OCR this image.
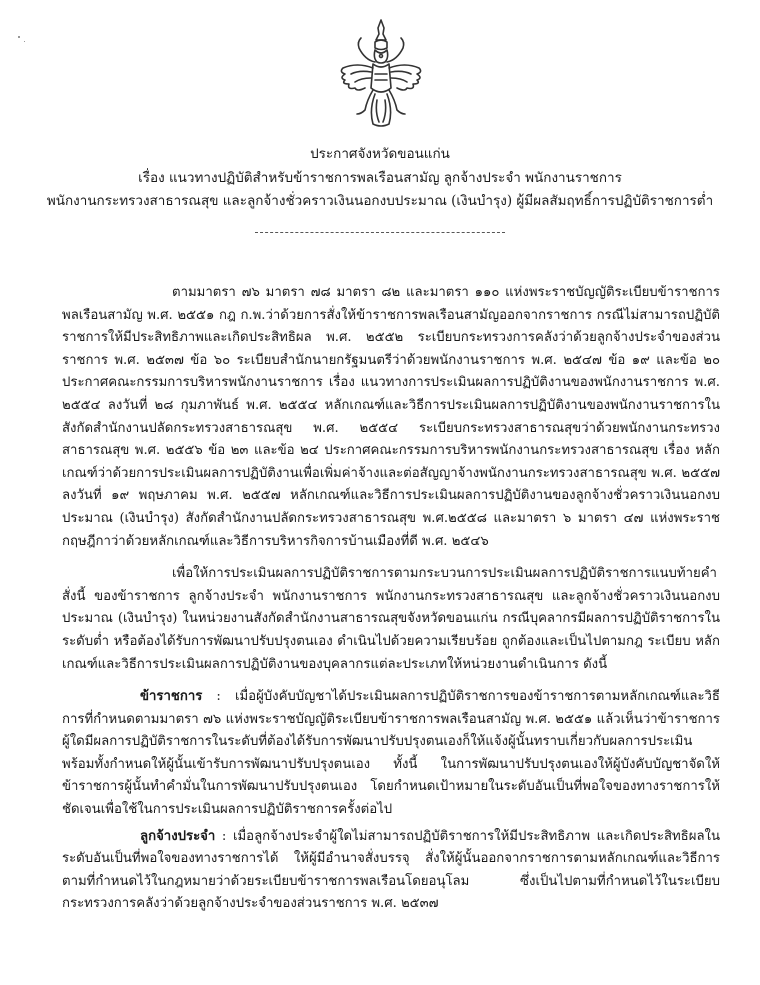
ประกาศจังหวัดขอนแก่น
เรื่อง แนวทางปฏิบัติสำหรับข้าราชการพลเรือนสามัญ ลูกจ้างประจำ พนักงานราชการ
พนักงานกระทรวงสาธารณสุข และลูกจ้างชั่วคราวเงินนอกงบประมาณ (เงินบำรุง) ผู้มีผลสัมฤทธิ์การปฏิบัติราชการต่ำ

ตามมาตรา ๗๖ มาตรา ๗๘ มาตรา ๘๒ และมาตรา ๑๑๐ แห่งพระราชบัญญัติระเบียบข้าราชการพลเรือนสามัญ พ.ศ. ๒๕๕๑ กฎ ก.พ.ว่าด้วยการสั่งให้ข้าราชการพลเรือนสามัญออกจากราชการ กรณีไม่สามารถปฏิบัติราชการให้มีประสิทธิภาพและเกิดประสิทธิผล พ.ศ. ๒๕๕๒ ระเบียบกระทรวงการคลังว่าด้วยลูกจ้างประจำของส่วนราชการ พ.ศ. ๒๕๓๗ ข้อ ๖๐ ระเบียบสำนักนายกรัฐมนตรีว่าด้วยพนักงานราชการ พ.ศ. ๒๕๔๗ ข้อ ๑๙ และข้อ ๒๐ ประกาศคณะกรรมการบริหารพนักงานราชการ เรื่อง แนวทางการประเมินผลการปฏิบัติงานของพนักงานราชการ พ.ศ. ๒๕๕๔ ลงวันที่ ๒๘ กุมภาพันธ์ พ.ศ. ๒๕๕๔ หลักเกณฑ์และวิธีการประเมินผลการปฏิบัติงานของพนักงานราชการในสังกัดสำนักงานปลัดกระทรวงสาธารณสุข พ.ศ. ๒๕๕๔ ระเบียบกระทรวงสาธารณสุขว่าด้วยพนักงานกระทรวงสาธารณสุข พ.ศ. ๒๕๕๖ ข้อ ๒๓ และข้อ ๒๔ ประกาศคณะกรรมการบริหารพนักงานกระทรวงสาธารณสุข เรื่อง หลักเกณฑ์ว่าด้วยการประเมินผลการปฏิบัติงานเพื่อเพิ่มค่าจ้างและต่อสัญญาจ้างพนักงานกระทรวงสาธารณสุข พ.ศ. ๒๕๕๗ ลงวันที่ ๑๙ พฤษภาคม พ.ศ. ๒๕๕๗ หลักเกณฑ์และวิธีการประเมินผลการปฏิบัติงานของลูกจ้างชั่วคราวเงินนอกงบประมาณ (เงินบำรุง) สังกัดสำนักงานปลัดกระทรวงสาธารณสุข พ.ศ.๒๕๕๘ และมาตรา ๖ มาตรา ๔๗ แห่งพระราชกฤษฎีกาว่าด้วยหลักเกณฑ์และวิธีการบริหารกิจการบ้านเมืองที่ดี พ.ศ. ๒๕๔๖

เพื่อให้การประเมินผลการปฏิบัติราชการตามกระบวนการประเมินผลการปฏิบัติราชการแนบท้ายคำสั่งนี้ ของข้าราชการ ลูกจ้างประจำ พนักงานราชการ พนักงานกระทรวงสาธารณสุข และลูกจ้างชั่วคราวเงินนอกงบประมาณ (เงินบำรุง) ในหน่วยงานสังกัดสำนักงานสาธารณสุขจังหวัดขอนแก่น กรณีบุคลากรมีผลการปฏิบัติราชการในระดับต่ำ หรือต้องได้รับการพัฒนาปรับปรุงตนเอง ดำเนินไปด้วยความเรียบร้อย ถูกต้องและเป็นไปตามกฎ ระเบียบ หลักเกณฑ์และวิธีการประเมินผลการปฏิบัติงานของบุคลากรแต่ละประเภทให้หน่วยงานดำเนินการ ดังนี้

ข้าราชการ : เมื่อผู้บังคับบัญชาได้ประเมินผลการปฏิบัติราชการของข้าราชการตามหลักเกณฑ์และวิธีการที่กำหนดตามมาตรา ๗๖ แห่งพระราชบัญญัติระเบียบข้าราชการพลเรือนสามัญ พ.ศ. ๒๕๕๑ แล้วเห็นว่าข้าราชการผู้ใดมีผลการปฏิบัติราชการในระดับที่ต้องได้รับการพัฒนาปรับปรุงตนเองก็ให้แจ้งผู้นั้นทราบเกี่ยวกับผลการประเมิน พร้อมทั้งกำหนดให้ผู้นั้นเข้ารับการพัฒนาปรับปรุงตนเอง ทั้งนี้ ในการพัฒนาปรับปรุงตนเองให้ผู้บังคับบัญชาจัดให้ข้าราชการผู้นั้นทำคำมั่นในการพัฒนาปรับปรุงตนเอง โดยกำหนดเป้าหมายในระดับอันเป็นที่พอใจของทางราชการให้ชัดเจนเพื่อใช้ในการประเมินผลการปฏิบัติราชการครั้งต่อไป

ลูกจ้างประจำ : เมื่อลูกจ้างประจำผู้ใดไม่สามารถปฏิบัติราชการให้มีประสิทธิภาพ และเกิดประสิทธิผลในระดับอันเป็นที่พอใจของทางราชการได้ ให้ผู้มีอำนาจสั่งบรรจุ สั่งให้ผู้นั้นออกจากราชการตามหลักเกณฑ์และวิธีการตามที่กำหนดไว้ในกฎหมายว่าด้วยระเบียบข้าราชการพลเรือนโดยอนุโลม ซึ่งเป็นไปตามที่กำหนดไว้ในระเบียบกระทรวงการคลังว่าด้วยลูกจ้างประจำของส่วนราชการ พ.ศ. ๒๕๓๗
